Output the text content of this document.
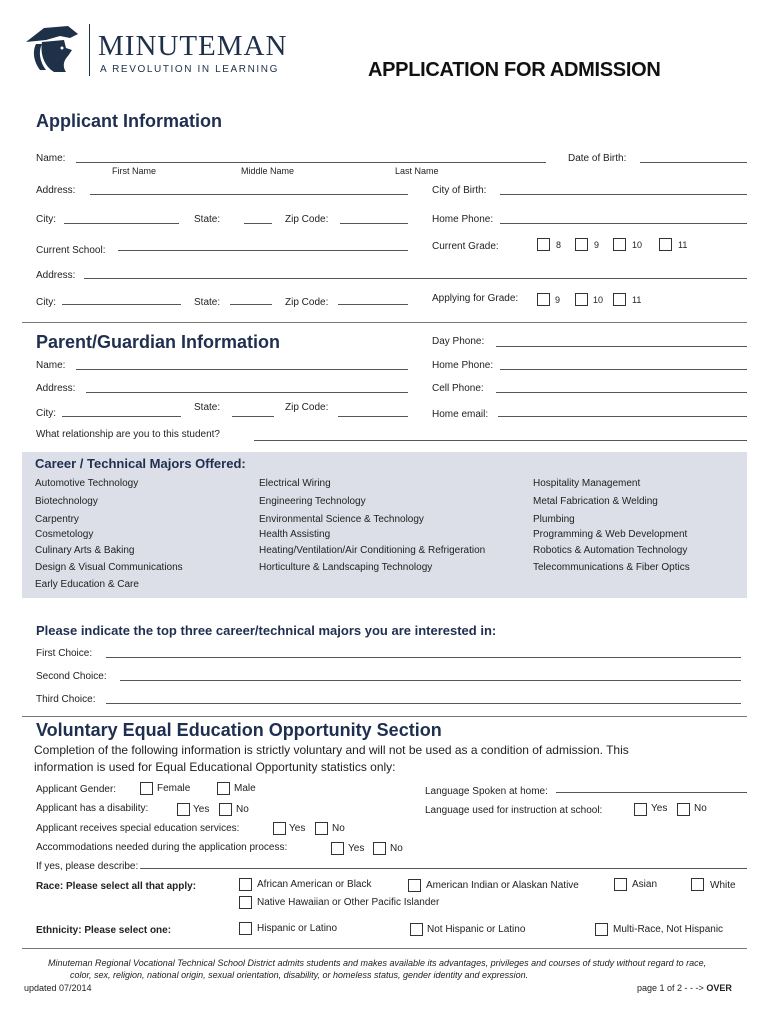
MINUTEMAN
A REVOLUTION IN LEARNING	APPLICATION FOR ADMISSION
Applicant Information
Name:
First Name	Middle Name	Last Name
Date of Birth:
Address:	City of Birth:
City:	State:	Zip Code:	Home Phone:
Current School:	Current Grade:	8	9	10	11
Address:
City:	State:	Zip Code:	Applying for Grade:	9	10	11
Parent/Guardian Information	Day Phone:
Name:	Home Phone:
Address:	Cell Phone:
City:
State:	Zip Code:
Home email:
What relationship are you to this student?
Career / Technical Majors Offered:
Automotive Technology
Biotechnology
Carpentry
Cosmetology
Culinary Arts & Baking
Design & Visual Communications
Early Education & Care
Electrical Wiring
Engineering Technology
Environmental Science & Technology
Health Assisting
Heating/Ventilation/Air Conditioning & Refrigeration
Horticulture & Landscaping Technology
Hospitality Management
Metal Fabrication & Welding
Plumbing
Programming & Web Development
Robotics & Automation Technology
Telecommunications & Fiber Optics
Please indicate the top three career/technical majors you are interested in:
First Choice:
Second Choice:
Third Choice:
Voluntary Equal Education Opportunity Section
Completion of the following information is strictly voluntary and will not be used as a condition of admission. This
information is used for Equal Educational Opportunity statistics only:
Applicant Gender:	Female	Male	Language Spoken at home:
Applicant has a disability:	Yes	No	Language used for instruction at school:	Yes	No
Applicant receives special education services:	Yes	No
Accommodations needed during the application process:	Yes	No
If yes, please describe:
Race: Please select all that apply:	African American or Black	American Indian or Alaskan Native	Asian	White
Native Hawaiian or Other Pacific Islander
Ethnicity: Please select one:	Hispanic or Latino	Not Hispanic or Latino	Multi-Race, Not Hispanic
Minuteman Regional Vocational Technical School District admits students and makes available its advantages, privileges and courses of study without regard to race,
color, sex, religion, national origin, sexual orientation, disability, or homeless status, gender identity and expression.
updated 07/2014	page 1 of 2 - - -> OVER
